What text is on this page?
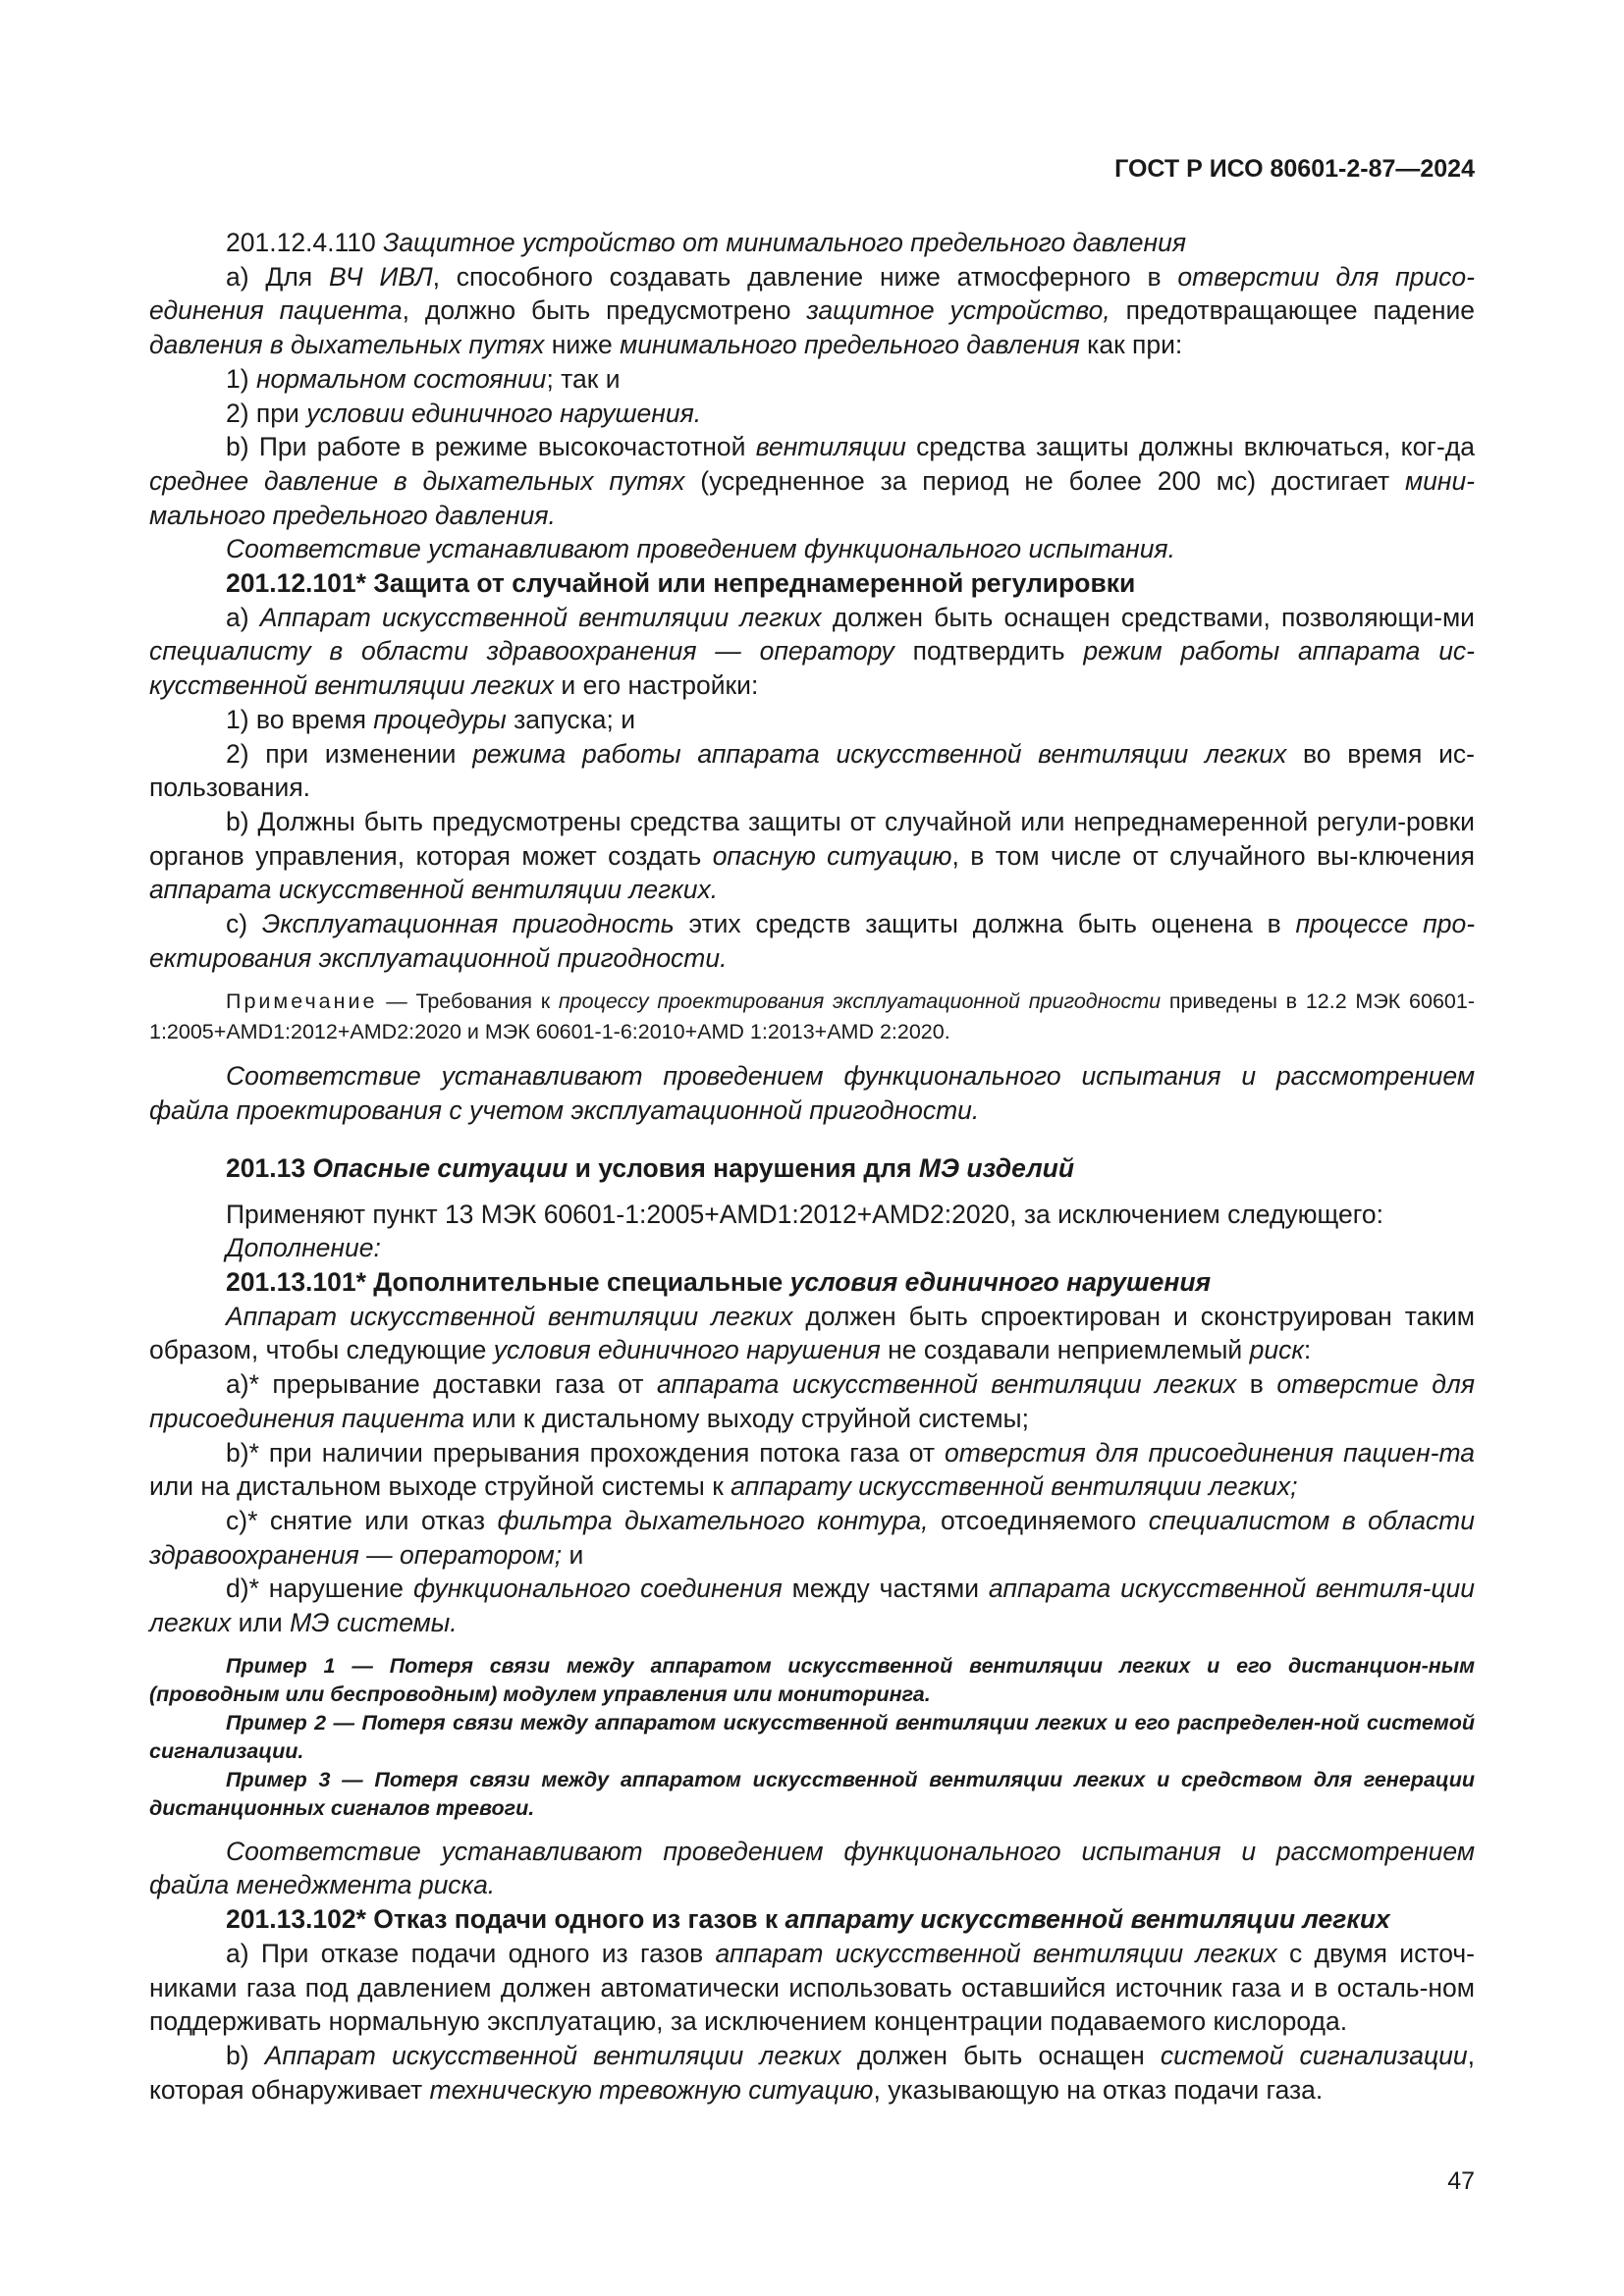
ГОСТ Р ИСО 80601-2-87—2024

201.12.4.110 Защитное устройство от минимального предельного давления

a) Для ВЧ ИВЛ, способного создавать давление ниже атмосферного в отверстии для присо-единения пациента, должно быть предусмотрено защитное устройство, предотвращающее падение давления в дыхательных путях ниже минимального предельного давления как при:

1) нормальном состоянии; так и

2) при условии единичного нарушения.

b) При работе в режиме высокочастотной вентиляции средства защиты должны включаться, ког-да среднее давление в дыхательных путях (усредненное за период не более 200 мс) достигает мини-мального предельного давления.

Соответствие устанавливают проведением функционального испытания.

201.12.101* Защита от случайной или непреднамеренной регулировки

a) Аппарат искусственной вентиляции легких должен быть оснащен средствами, позволяющи-ми специалисту в области здравоохранения — оператору подтвердить режим работы аппарата ис-кусственной вентиляции легких и его настройки:

1) во время процедуры запуска; и

2) при изменении режима работы аппарата искусственной вентиляции легких во время ис-пользования.

b) Должны быть предусмотрены средства защиты от случайной или непреднамеренной регули-ровки органов управления, которая может создать опасную ситуацию, в том числе от случайного вы-ключения аппарата искусственной вентиляции легких.

c) Эксплуатационная пригодность этих средств защиты должна быть оценена в процессе про-ектирования эксплуатационной пригодности.

Примечание — Требования к процессу проектирования эксплуатационной пригодности приведены в 12.2 МЭК 60601-1:2005+AMD1:2012+AMD2:2020 и МЭК 60601-1-6:2010+AMD 1:2013+AMD 2:2020.

Соответствие устанавливают проведением функционального испытания и рассмотрением файла проектирования с учетом эксплуатационной пригодности.

201.13 Опасные ситуации и условия нарушения для МЭ изделий

Применяют пункт 13 МЭК 60601-1:2005+AMD1:2012+AMD2:2020, за исключением следующего:

Дополнение:

201.13.101* Дополнительные специальные условия единичного нарушения

Аппарат искусственной вентиляции легких должен быть спроектирован и сконструирован таким образом, чтобы следующие условия единичного нарушения не создавали неприемлемый риск:

a)* прерывание доставки газа от аппарата искусственной вентиляции легких в отверстие для присоединения пациента или к дистальному выходу струйной системы;

b)* при наличии прерывания прохождения потока газа от отверстия для присоединения пациен-та или на дистальном выходе струйной системы к аппарату искусственной вентиляции легких;

c)* снятие или отказ фильтра дыхательного контура, отсоединяемого специалистом в области здравоохранения — оператором; и

d)* нарушение функционального соединения между частями аппарата искусственной вентиля-ции легких или МЭ системы.

Пример 1 — Потеря связи между аппаратом искусственной вентиляции легких и его дистанцион-ным (проводным или беспроводным) модулем управления или мониторинга.

Пример 2 — Потеря связи между аппаратом искусственной вентиляции легких и его распределен-ной системой сигнализации.

Пример 3 — Потеря связи между аппаратом искусственной вентиляции легких и средством для генерации дистанционных сигналов тревоги.

Соответствие устанавливают проведением функционального испытания и рассмотрением файла менеджмента риска.

201.13.102* Отказ подачи одного из газов к аппарату искусственной вентиляции легких

a) При отказе подачи одного из газов аппарат искусственной вентиляции легких с двумя источ-никами газа под давлением должен автоматически использовать оставшийся источник газа и в осталь-ном поддерживать нормальную эксплуатацию, за исключением концентрации подаваемого кислорода.

b) Аппарат искусственной вентиляции легких должен быть оснащен системой сигнализации, которая обнаруживает техническую тревожную ситуацию, указывающую на отказ подачи газа.

47
